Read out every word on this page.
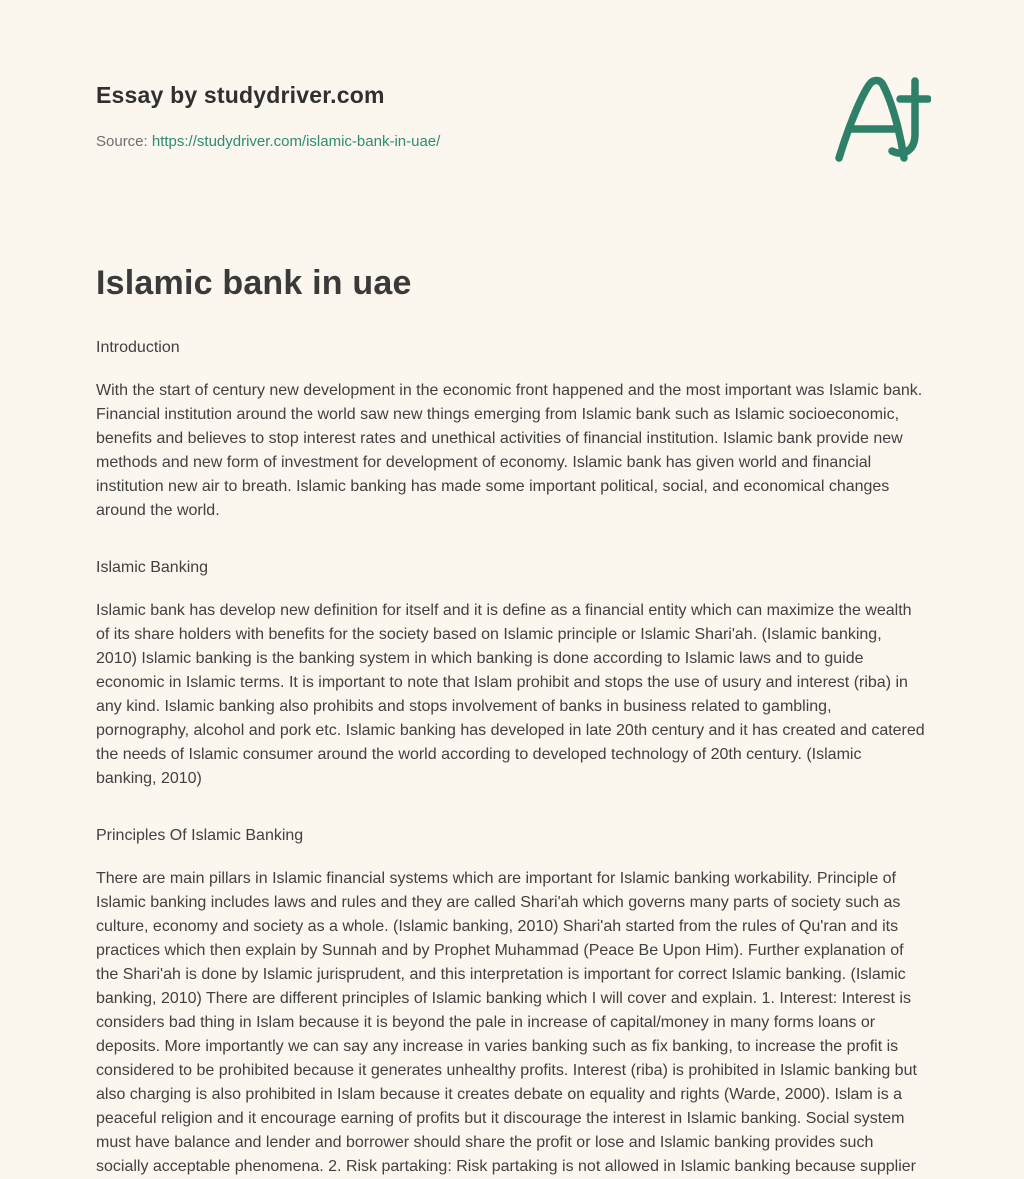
Essay by studydriver.com
Source: https://studydriver.com/islamic-bank-in-uae/
Islamic bank in uae
Introduction

With the start of century new development in the economic front happened and the most important was Islamic bank. Financial institution around the world saw new things emerging from Islamic bank such as Islamic socioeconomic, benefits and believes to stop interest rates and unethical activities of financial institution. Islamic bank provide new methods and new form of investment for development of economy. Islamic bank has given world and financial institution new air to breath. Islamic banking has made some important political, social, and economical changes around the world.

Islamic Banking

Islamic bank has develop new definition for itself and it is define as a financial entity which can maximize the wealth of its share holders with benefits for the society based on Islamic principle or Islamic Shari'ah. (Islamic banking, 2010) Islamic banking is the banking system in which banking is done according to Islamic laws and to guide economic in Islamic terms. It is important to note that Islam prohibit and stops the use of usury and interest (riba) in any kind. Islamic banking also prohibits and stops involvement of banks in business related to gambling, pornography, alcohol and pork etc. Islamic banking has developed in late 20th century and it has created and catered the needs of Islamic consumer around the world according to developed technology of 20th century. (Islamic banking, 2010)

Principles Of Islamic Banking

There are main pillars in Islamic financial systems which are important for Islamic banking workability. Principle of Islamic banking includes laws and rules and they are called Shari'ah which governs many parts of society such as culture, economy and society as a whole. (Islamic banking, 2010) Shari'ah started from the rules of Qu'ran and its practices which then explain by Sunnah and by Prophet Muhammad (Peace Be Upon Him). Further explanation of the Shari'ah is done by Islamic jurisprudent, and this interpretation is important for correct Islamic banking. (Islamic banking, 2010) There are different principles of Islamic banking which I will cover and explain. 1. Interest: Interest is considers bad thing in Islam because it is beyond the pale in increase of capital/money in many forms loans or deposits. More importantly we can say any increase in varies banking such as fix banking, to increase the profit is considered to be prohibited because it generates unhealthy profits. Interest (riba) is prohibited in Islamic banking but also charging is also prohibited in Islam because it creates debate on equality and rights (Warde, 2000). Islam is a peaceful religion and it encourage earning of profits but it discourage the interest in Islamic banking. Social system must have balance and lender and borrower should share the profit or lose and Islamic banking provides such socially acceptable phenomena. 2. Risk partaking: Risk partaking is not allowed in Islamic banking because supplier
